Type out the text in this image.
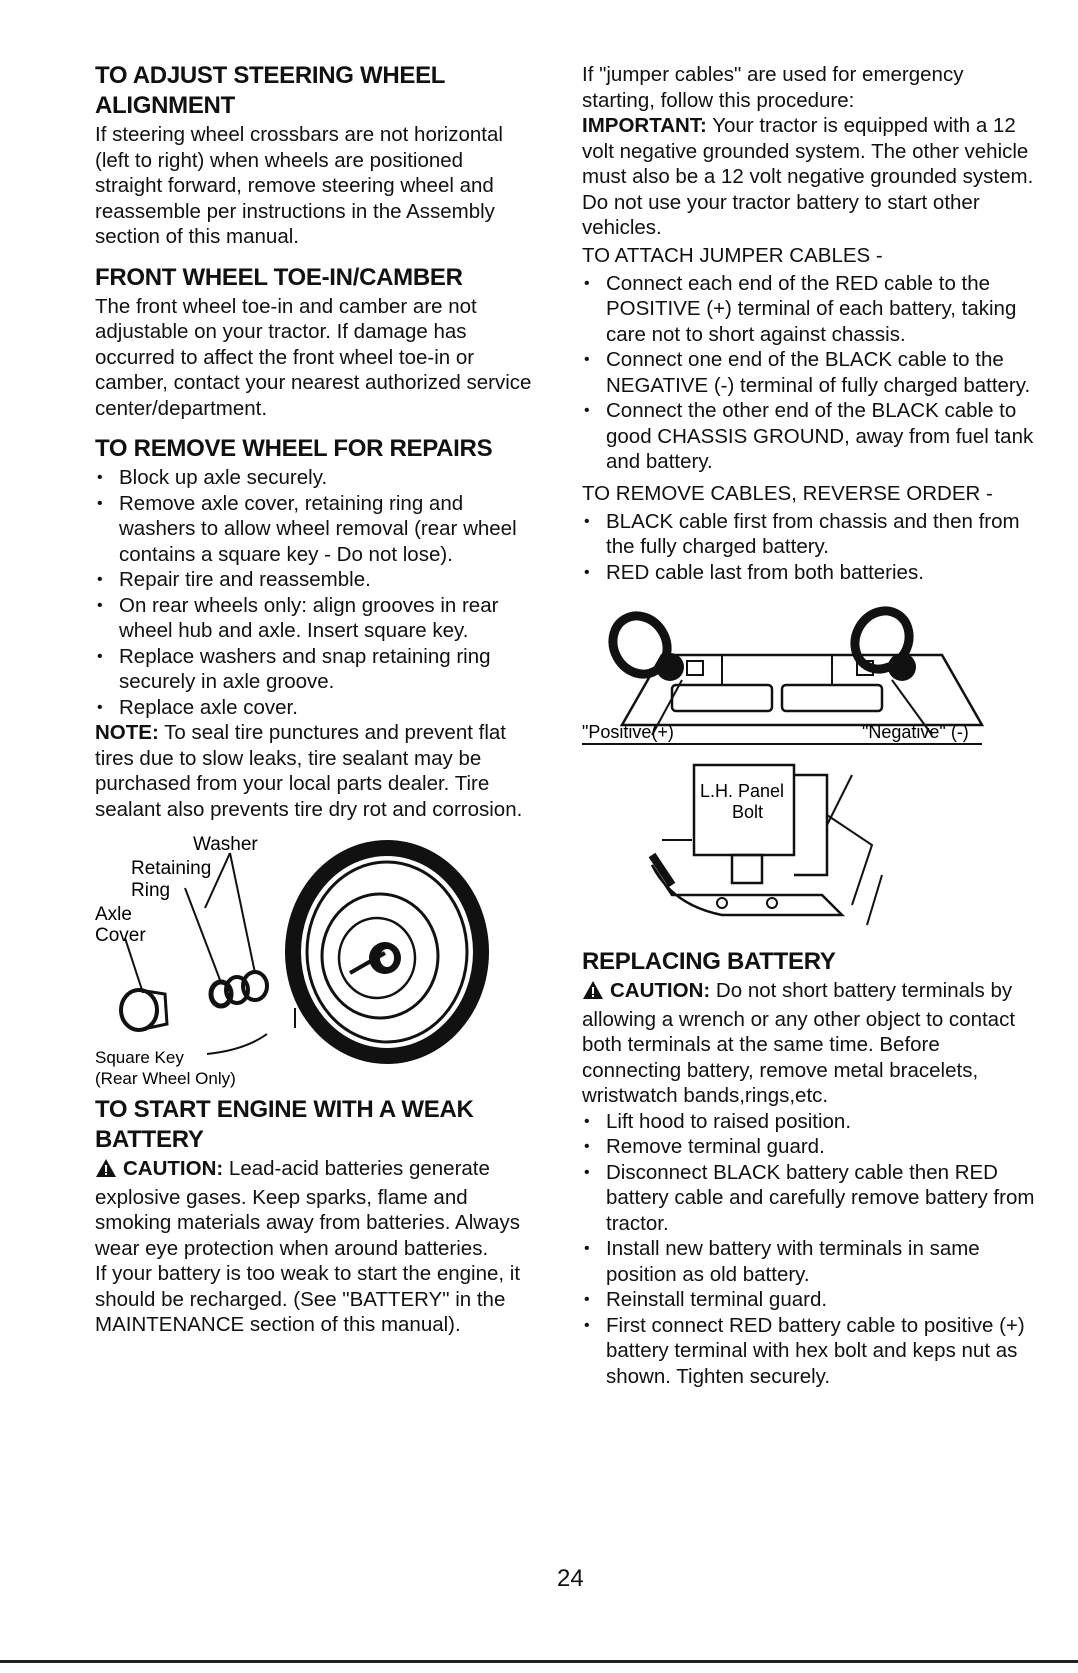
TO ADJUST STEERING WHEEL
ALIGNMENT

If steering wheel crossbars are not horizontal (left to right) when wheels are positioned straight forward, remove steering wheel and reassemble per instructions in the Assembly section of this manual.

FRONT WHEEL TOE-IN/CAMBER

The front wheel toe-in and camber are not adjustable on your tractor. If damage has occurred to affect the front wheel toe-in or camber, contact your nearest authorized service center/department.

TO REMOVE WHEEL FOR REPAIRS
• Block up axle securely.
• Remove axle cover, retaining ring and washers to allow wheel removal (rear wheel contains a square key - Do not lose).
• Repair tire and reassemble.
• On rear wheels only: align grooves in rear wheel hub and axle. Insert square key.
• Replace washers and snap retaining ring securely in axle groove.
• Replace axle cover.

NOTE: To seal tire punctures and prevent flat tires due to slow leaks, tire sealant may be purchased from your local parts dealer. Tire sealant also prevents tire dry rot and corrosion.

Washer
Retaining
Ring
Axle
Cover
Square Key
(Rear Wheel Only)
TO START ENGINE WITH A WEAK
BATTERY

CAUTION: Lead-acid batteries generate explosive gases. Keep sparks, flame and smoking materials away from batteries. Always wear eye protection when around batteries.

If your battery is too weak to start the engine, it should be recharged. (See "BATTERY" in the MAINTENANCE section of this manual).

If "jumper cables" are used for emergency starting, follow this procedure:

IMPORTANT: Your tractor is equipped with a 12 volt negative grounded system. The other vehicle must also be a 12 volt negative grounded system. Do not use your tractor battery to start other vehicles.

TO ATTACH JUMPER CABLES -
• Connect each end of the RED cable to the POSITIVE (+) terminal of each battery, taking care not to short against chassis.
• Connect one end of the BLACK cable to the NEGATIVE (-) terminal of fully charged battery.
• Connect the other end of the BLACK cable to good CHASSIS GROUND, away from fuel tank and battery.
TO REMOVE CABLES, REVERSE ORDER -
• BLACK cable first from chassis and then from the fully charged battery.
• RED cable last from both batteries.
"Positive(+)	"Negative" (-)
L.H. Panel
Bolt
REPLACING BATTERY

CAUTION: Do not short battery terminals by allowing a wrench or any other object to contact both terminals at the same time. Before connecting battery, remove metal bracelets, wristwatch bands,rings,etc.

• Lift hood to raised position.
• Remove terminal guard.
• Disconnect BLACK battery cable then RED battery cable and carefully remove battery from tractor.
• Install new battery with terminals in same position as old battery.
• Reinstall terminal guard.
• First connect RED battery cable to positive (+) battery terminal with hex bolt and keps nut as shown. Tighten securely.
24
